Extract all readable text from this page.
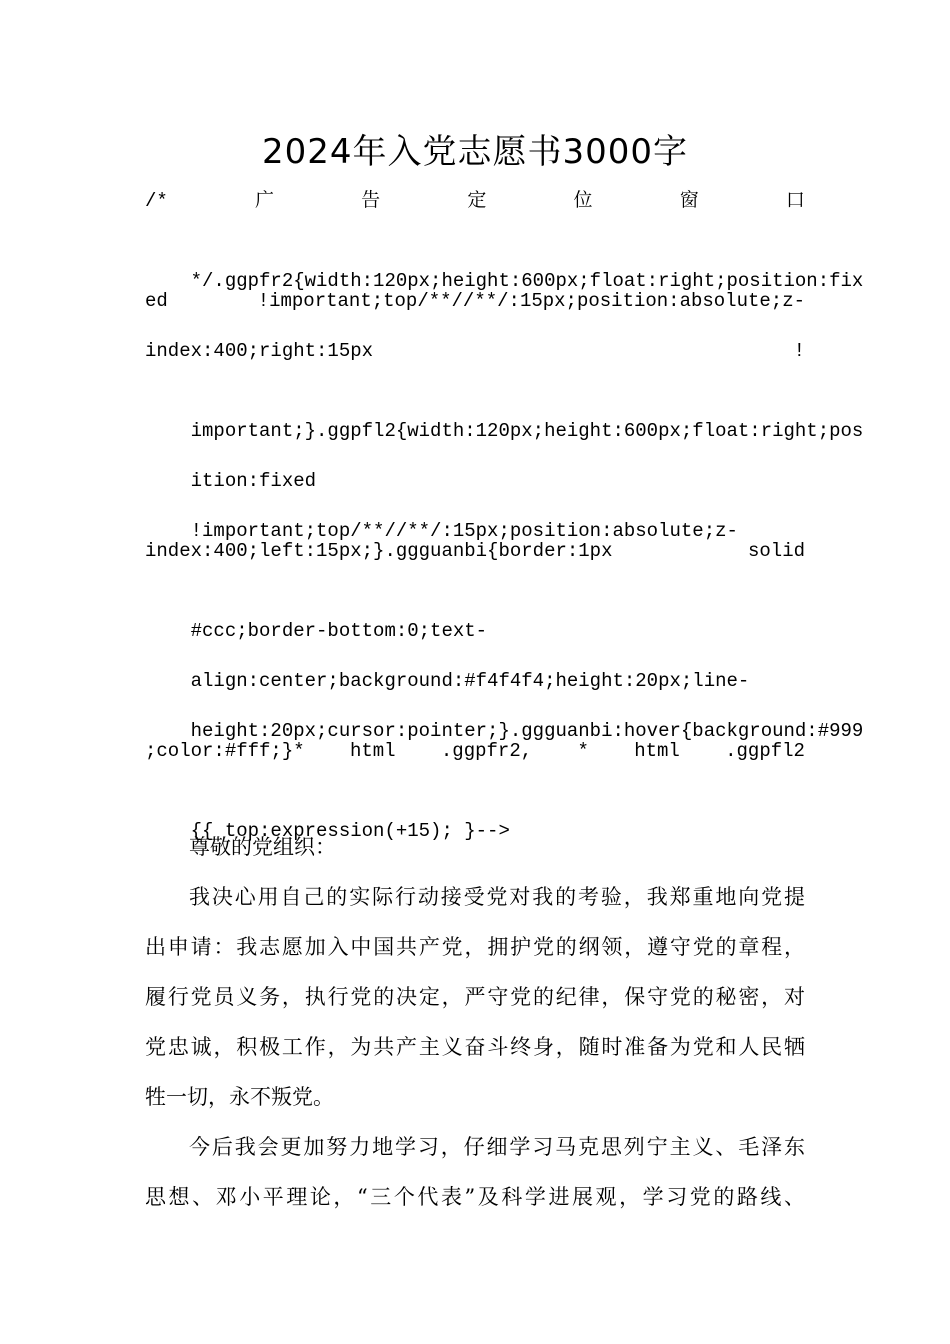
2024年入党志愿书3000字
/*	广	告	定	位	窗	口

*/.ggpfr2{width:120px;height:600px;float:right;position:fix

ed	!important;top/**//**/:15px;position:absolute;z-
index:400;right:15px	!

important;}.ggpfl2{width:120px;height:600px;float:right;pos

ition:fixed

!important;top/**//**/:15px;position:absolute;z-

index:400;left:15px;}.ggguanbi{border:1px	solid

#ccc;border-bottom:0;text-

align:center;background:#f4f4f4;height:20px;line-

height:20px;cursor:pointer;}.ggguanbi:hover{background:#999

;color:#fff;}* html .ggpfr2, * html .ggpfl2

{{ top:expression(+15); }-->

尊敬的党组织：
我决心用自己的实际行动接受党对我的考验，我郑重地向党提
出申请：我志愿加入中国共产党，拥护党的纲领，遵守党的章程，
履行党员义务，执行党的决定，严守党的纪律，保守党的秘密，对
党忠诚，积极工作，为共产主义奋斗终身，随时准备为党和人民牺
牲一切，永不叛党。
今后我会更加努力地学习，仔细学习马克思列宁主义、毛泽东
思想、邓小平理论，“三个代表”及科学进展观，学习党的路线、
